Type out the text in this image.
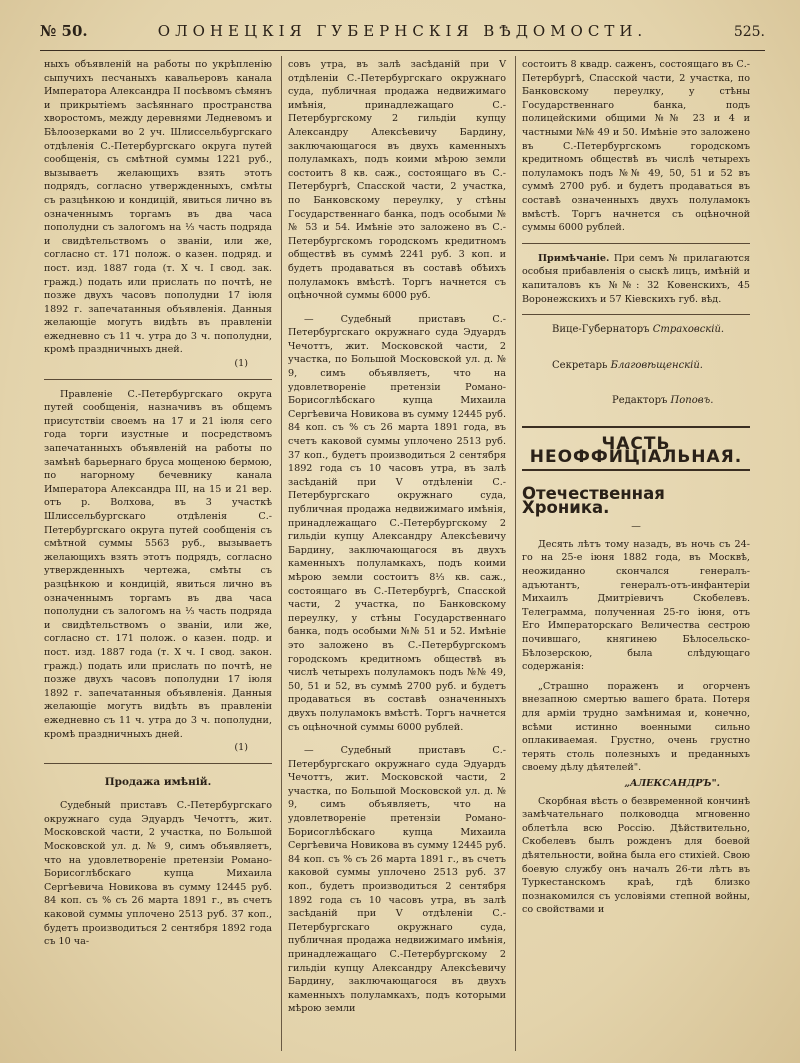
№ 50.	ОЛОНЕЦКІЯ ГУБЕРНСКІЯ ВѢДОМОСТИ.	525.

ныхъ объявленій на работы по укрѣпленію сыпучихъ песчаныхъ кавальеровъ канала Императора Александра II посѣвомъ сѣмянъ и прикрытіемъ засѣяннаго пространства хворостомъ, между деревнями Ледневомъ и Бѣлоозерками во 2 уч. Шлиссельбургскаго отдѣленія С.-Петербургскаго округа путей сообщенія, съ смѣтной суммы 1221 руб., вызываетъ желающихъ взять этотъ подрядъ, согласно утвержденныхъ, смѣты съ разцѣнкою и кондицій, явиться лично въ означеннымъ торгамъ въ два часа пополудни съ залогомъ на ⅓ часть подряда и свидѣтельствомъ о званіи, или же, согласно ст. 171 полож. о казен. подряд. и пост. изд. 1887 года (т. X ч. I свод. зак. гражд.) подать или прислать по почтѣ, не позже двухъ часовъ пополудни 17 іюля 1892 г. запечатанныя объявленія. Данныя желающіе могутъ видѣть въ правленіи ежедневно съ 11 ч. утра до 3 ч. пополудни, кромѣ праздничныхъ дней.

(1)

Правленіе С.-Петербургскаго округа путей сообщенія, назначивъ въ общемъ присутствіи своемъ на 17 и 21 іюля сего года торги изустные и посредствомъ запечатанныхъ объявленій на работы по замѣнѣ барьернаго бруса мощеною бермою, по нагорному бечевнику канала Императора Александра III, на 15 и 21 вер. отъ р. Волхова, въ 3 участкѣ Шлиссельбургскаго отдѣленія С.-Петербургскаго округа путей сообщенія съ смѣтной суммы 5563 руб., вызываетъ желающихъ взять этотъ подрядъ, согласно утвержденныхъ чертежа, смѣты съ разцѣнкою и кондицій, явиться лично въ означеннымъ торгамъ въ два часа пополудни съ залогомъ на ⅓ часть подряда и свидѣтельствомъ о званіи, или же, согласно ст. 171 полож. о казен. подр. и пост. изд. 1887 года (т. X ч. I свод. закон. гражд.) подать или прислать по почтѣ, не позже двухъ часовъ пополудни 17 іюля 1892 г. запечатанныя объявленія. Данныя желающіе могутъ видѣть въ правленіи ежедневно съ 11 ч. утра до 3 ч. пополудни, кромѣ праздничныхъ дней.

(1)

Продажа имѣній.

Судебный приставъ С.-Петербургскаго окружнаго суда Эдуардъ Чечоттъ, жит. Московской части, 2 участка, по Большой Московской ул. д. № 9, симъ объявляетъ, что на удовлетвореніе претензіи Романо-Борисоглѣбскаго купца Михаила Сергѣевича Новикова въ сумму 12445 руб. 84 коп. съ % съ 26 марта 1891 г., въ счетъ каковой суммы уплочено 2513 руб. 37 коп., будетъ производиться 2 сентября 1892 года съ 10 ча-

совъ утра, въ залѣ засѣданій при V отдѣленіи С.-Петербургскаго окружнаго суда, публичная продажа недвижимаго имѣнія, принадлежащаго С.-Петербургскому 2 гильдіи купцу Александру Алексѣевичу Бардину, заключающагося въ двухъ каменныхъ полуламкахъ, подъ коими мѣрою земли состоитъ 8 кв. саж., состоящаго въ С.-Петербургѣ, Спасской части, 2 участка, по Банковскому переулку, у стѣны Государственнаго банка, подъ особыми №№ 53 и 54. Имѣніе это заложено въ С.-Петербургскомъ городскомъ кредитномъ обществѣ въ суммѣ 2241 руб. 3 коп. и будетъ продаваться въ составѣ обѣихъ полуламокъ вмѣстѣ. Торгъ начнется съ оцѣночной суммы 6000 руб.

— Судебный приставъ С.-Петербургскаго окружнаго суда Эдуардъ Чечоттъ, жит. Московской части, 2 участка, по Большой Московской ул. д. № 9, симъ объявляетъ, что на удовлетвореніе претензіи Романо-Борисоглѣбскаго купца Михаила Сергѣевича Новикова въ сумму 12445 руб. 84 коп. съ % съ 26 марта 1891 года, въ счетъ каковой суммы уплочено 2513 руб. 37 коп., будетъ производиться 2 сентября 1892 года съ 10 часовъ утра, въ залѣ засѣданій при V отдѣленіи С.-Петербургскаго окружнаго суда, публичная продажа недвижимаго имѣнія, принадлежащаго С.-Петербургскому 2 гильдіи купцу Александру Алексѣевичу Бардину, заключающагося въ двухъ каменныхъ полуламкахъ, подъ коими мѣрою земли состоитъ 8⅓ кв. саж., состоящаго въ С.-Петербургѣ, Спасской части, 2 участка, по Банковскому переулку, у стѣны Государственнаго банка, подъ особыми №№ 51 и 52. Имѣніе это заложено въ С.-Петербургскомъ городскомъ кредитномъ обществѣ въ числѣ четырехъ полуламокъ подъ №№ 49, 50, 51 и 52, въ суммѣ 2700 руб. и будетъ продаваться въ составѣ означенныхъ двухъ полуламокъ вмѣстѣ. Торгъ начнется съ оцѣночной суммы 6000 рублей.

— Судебный приставъ С.-Петербургскаго окружнаго суда Эдуардъ Чечоттъ, жит. Московской части, 2 участка, по Большой Московской ул. д. № 9, симъ объявляетъ, что на удовлетвореніе претензіи Романо-Борисоглѣбскаго купца Михаила Сергѣевича Новикова въ сумму 12445 руб. 84 коп. съ % съ 26 марта 1891 г., въ счетъ каковой суммы уплочено 2513 руб. 37 коп., будетъ производиться 2 сентября 1892 года съ 10 часовъ утра, въ залѣ засѣданій при V отдѣленіи С.-Петербургскаго окружнаго суда, публичная продажа недвижимаго имѣнія, принадлежащаго С.-Петербургскому 2 гильдіи купцу Александру Алексѣевичу Бардину, заключающагося въ двухъ каменныхъ полуламкахъ, подъ которыми мѣрою земли

состоитъ 8 квадр. саженъ, состоящаго въ С.-Петербургѣ, Спасской части, 2 участка, по Банковскому переулку, у стѣны Государственнаго банка, подъ полицейскими общими №№ 23 и 4 и частными №№ 49 и 50. Имѣніе это заложено въ С.-Петербургскомъ городскомъ кредитномъ обществѣ въ числѣ четырехъ полуламокъ подъ №№ 49, 50, 51 и 52 въ суммѣ 2700 руб. и будетъ продаваться въ составѣ означенныхъ двухъ полуламокъ вмѣстѣ. Торгъ начнется съ оцѣночной суммы 6000 рублей.

Примѣчаніе. При семъ № прилагаются особыя прибавленія о сыскѣ лицъ, имѣній и капиталовъ къ №№: 32 Ковенскихъ, 45 Воронежскихъ и 57 Кіевскихъ губ. вѣд.

Вице-Губернаторъ Страховскій.

Секретарь Благовѣщенскій.

Редакторъ Поповъ.

ЧАСТЬ НЕОФФИЦІАЛЬНАЯ.
Отечественная Хроника.
—

Десять лѣтъ тому назадъ, въ ночь съ 24-го на 25-е іюня 1882 года, въ Москвѣ, неожиданно скончался генералъ-адъютантъ, генералъ-отъ-инфантеріи Михаилъ Дмитріевичъ Скобелевъ. Телеграмма, полученная 25-го іюня, отъ Его Императорскаго Величества сестрою почившаго, княгинею Бѣлосельско-Бѣлозерскою, была слѣдующаго содержанія:

„Страшно пораженъ и огорченъ внезапною смертью вашего брата. Потеря для арміи трудно замѣнимая и, конечно, всѣми истинно военными сильно оплакиваемая. Грустно, очень грустно терять столь полезныхъ и преданныхъ своему дѣлу дѣятелей".

„АЛЕКСАНДРЪ".

Скорбная вѣсть о безвременной кончинѣ замѣчательнаго полководца мгновенно облетѣла всю Россію. Дѣйствительно, Скобелевъ былъ рожденъ для боевой дѣятельности, война была его стихіей. Свою боевую службу онъ началъ 26-ти лѣтъ въ Туркестанскомъ краѣ, гдѣ близко познакомился съ условіями степной войны, со свойствами и
